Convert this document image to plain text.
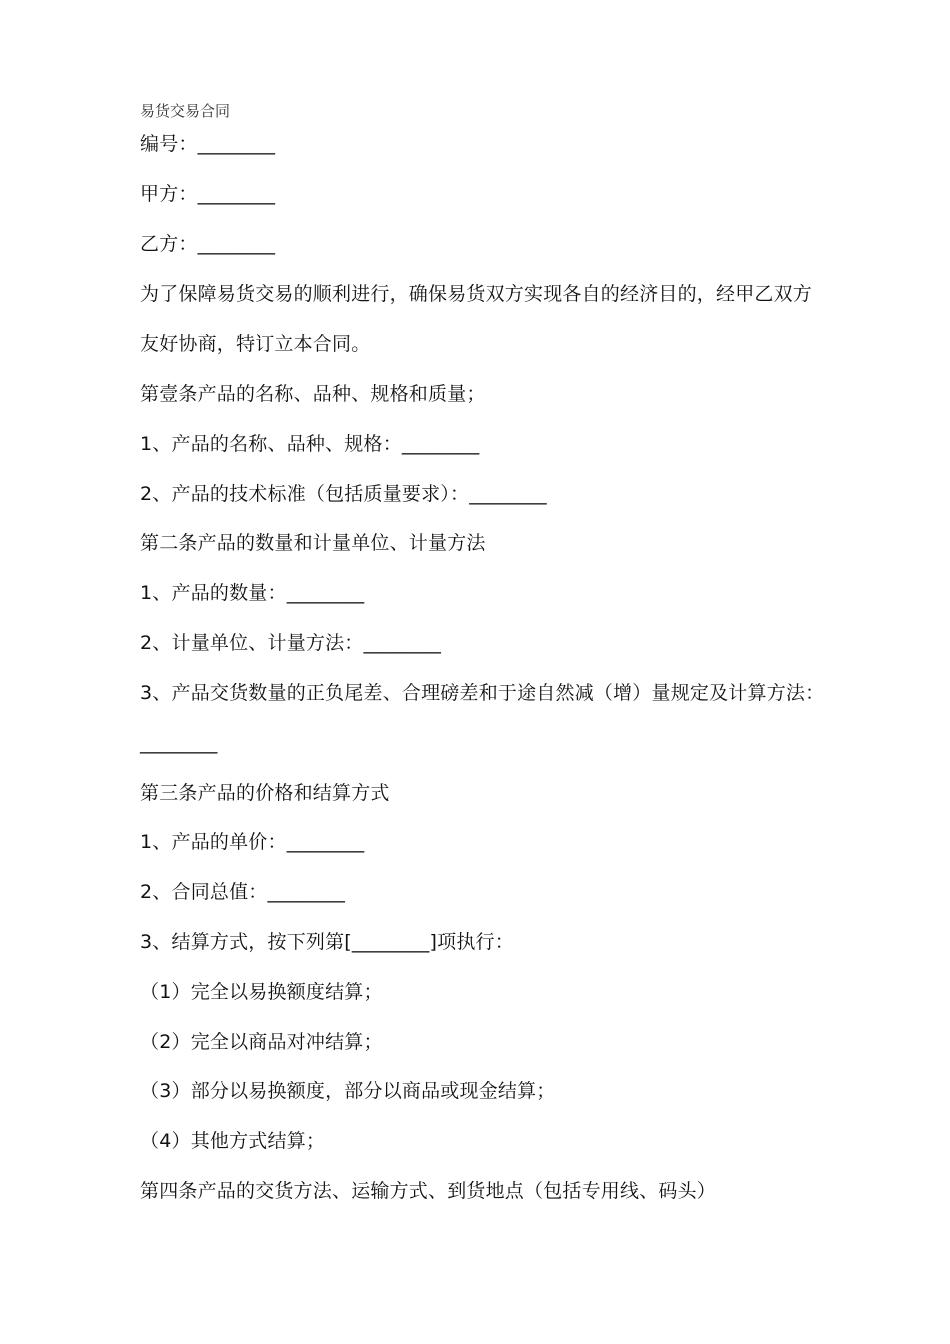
易货交易合同
编号：________
甲方：________
乙方：________
为了保障易货交易的顺利进行，确保易货双方实现各自的经济目的，经甲乙双方
友好协商，特订立本合同。
第壹条产品的名称、品种、规格和质量；
1、产品的名称、品种、规格：________
2、产品的技术标准（包括质量要求）：________
第二条产品的数量和计量单位、计量方法
1、产品的数量：________
2、计量单位、计量方法：________
3、产品交货数量的正负尾差、合理磅差和于途自然减（增）量规定及计算方法：
________
第三条产品的价格和结算方式
1、产品的单价：________
2、合同总值：________
3、结算方式，按下列第[________]项执行：
（1）完全以易换额度结算；
（2）完全以商品对冲结算；
（3）部分以易换额度，部分以商品或现金结算；
（4）其他方式结算；
第四条产品的交货方法、运输方式、到货地点（包括专用线、码头）
